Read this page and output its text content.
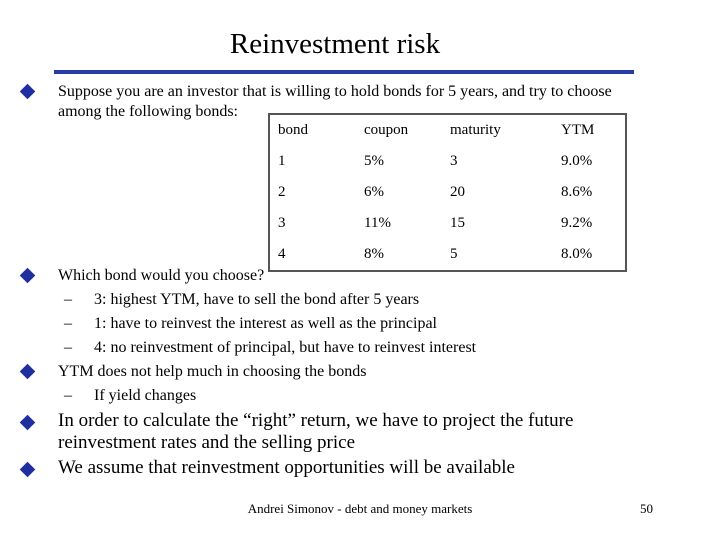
Reinvestment risk
Suppose you are an investor that is willing to hold bonds for 5 years, and try to choose
among the following bonds:
bond	coupon	maturity	YTM
1	5%	3	9.0%
2	6%	20	8.6%
3	11%	15	9.2%
4	8%	5	8.0%
Which bond would you choose?
– 3: highest YTM, have to sell the bond after 5 years
– 1: have to reinvest the interest as well as the principal
– 4: no reinvestment of principal, but have to reinvest interest
YTM does not help much in choosing the bonds
– If yield changes
In order to calculate the “right” return, we have to project the future
reinvestment rates and the selling price
We assume that reinvestment opportunities will be available
Andrei Simonov - debt and money markets	50
